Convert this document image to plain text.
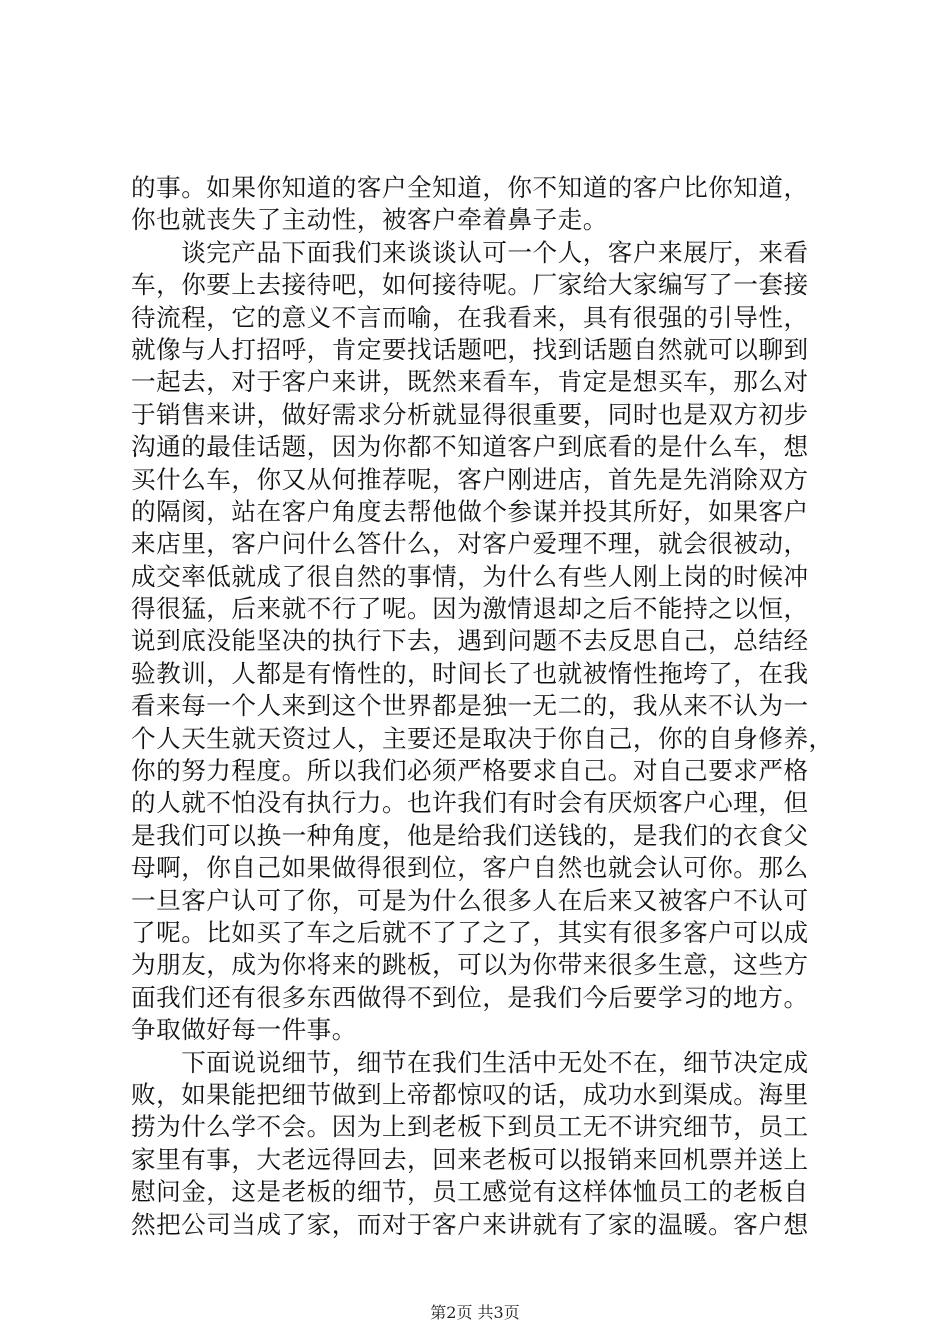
的事。如果你知道的客户全知道，你不知道的客户比你知道，
你也就丧失了主动性，被客户牵着鼻子走。
　　谈完产品下面我们来谈谈认可一个人，客户来展厅，来看
车，你要上去接待吧，如何接待呢。厂家给大家编写了一套接
待流程，它的意义不言而喻，在我看来，具有很强的引导性，
就像与人打招呼，肯定要找话题吧，找到话题自然就可以聊到
一起去，对于客户来讲，既然来看车，肯定是想买车，那么对
于销售来讲，做好需求分析就显得很重要，同时也是双方初步
沟通的最佳话题，因为你都不知道客户到底看的是什么车，想
买什么车，你又从何推荐呢，客户刚进店，首先是先消除双方
的隔阂，站在客户角度去帮他做个参谋并投其所好，如果客户
来店里，客户问什么答什么，对客户爱理不理，就会很被动，
成交率低就成了很自然的事情，为什么有些人刚上岗的时候冲
得很猛，后来就不行了呢。因为激情退却之后不能持之以恒，
说到底没能坚决的执行下去，遇到问题不去反思自己，总结经
验教训，人都是有惰性的，时间长了也就被惰性拖垮了，在我
看来每一个人来到这个世界都是独一无二的，我从来不认为一
个人天生就天资过人，主要还是取决于你自己，你的自身修养，
你的努力程度。所以我们必须严格要求自己。对自己要求严格
的人就不怕没有执行力。也许我们有时会有厌烦客户心理，但
是我们可以换一种角度，他是给我们送钱的，是我们的衣食父
母啊，你自己如果做得很到位，客户自然也就会认可你。那么
一旦客户认可了你，可是为什么很多人在后来又被客户不认可
了呢。比如买了车之后就不了了之了，其实有很多客户可以成
为朋友，成为你将来的跳板，可以为你带来很多生意，这些方
面我们还有很多东西做得不到位，是我们今后要学习的地方。
争取做好每一件事。
　　下面说说细节，细节在我们生活中无处不在，细节决定成
败，如果能把细节做到上帝都惊叹的话，成功水到渠成。海里
捞为什么学不会。因为上到老板下到员工无不讲究细节，员工
家里有事，大老远得回去，回来老板可以报销来回机票并送上
慰问金，这是老板的细节，员工感觉有这样体恤员工的老板自
然把公司当成了家，而对于客户来讲就有了家的温暖。客户想
第2页 共3页
